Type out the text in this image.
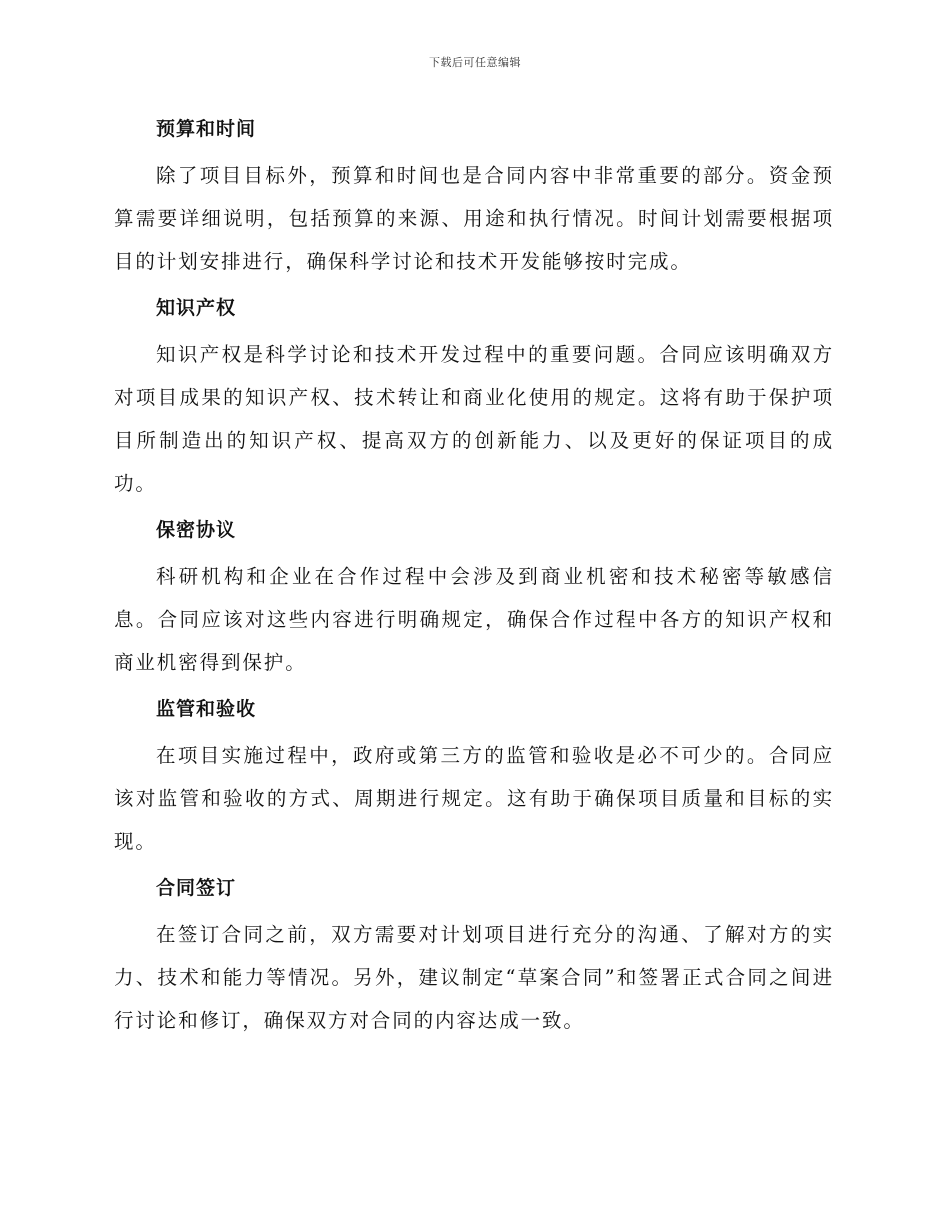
下载后可任意编辑
预算和时间

除了项目目标外，预算和时间也是合同内容中非常重要的部分。资金预算需要详细说明，包括预算的来源、用途和执行情况。时间计划需要根据项目的计划安排进行，确保科学讨论和技术开发能够按时完成。

知识产权

知识产权是科学讨论和技术开发过程中的重要问题。合同应该明确双方对项目成果的知识产权、技术转让和商业化使用的规定。这将有助于保护项目所制造出的知识产权、提高双方的创新能力、以及更好的保证项目的成功。

保密协议

科研机构和企业在合作过程中会涉及到商业机密和技术秘密等敏感信息。合同应该对这些内容进行明确规定，确保合作过程中各方的知识产权和商业机密得到保护。

监管和验收

在项目实施过程中，政府或第三方的监管和验收是必不可少的。合同应该对监管和验收的方式、周期进行规定。这有助于确保项目质量和目标的实现。

合同签订

在签订合同之前，双方需要对计划项目进行充分的沟通、了解对方的实力、技术和能力等情况。另外，建议制定“草案合同”和签署正式合同之间进行讨论和修订，确保双方对合同的内容达成一致。
